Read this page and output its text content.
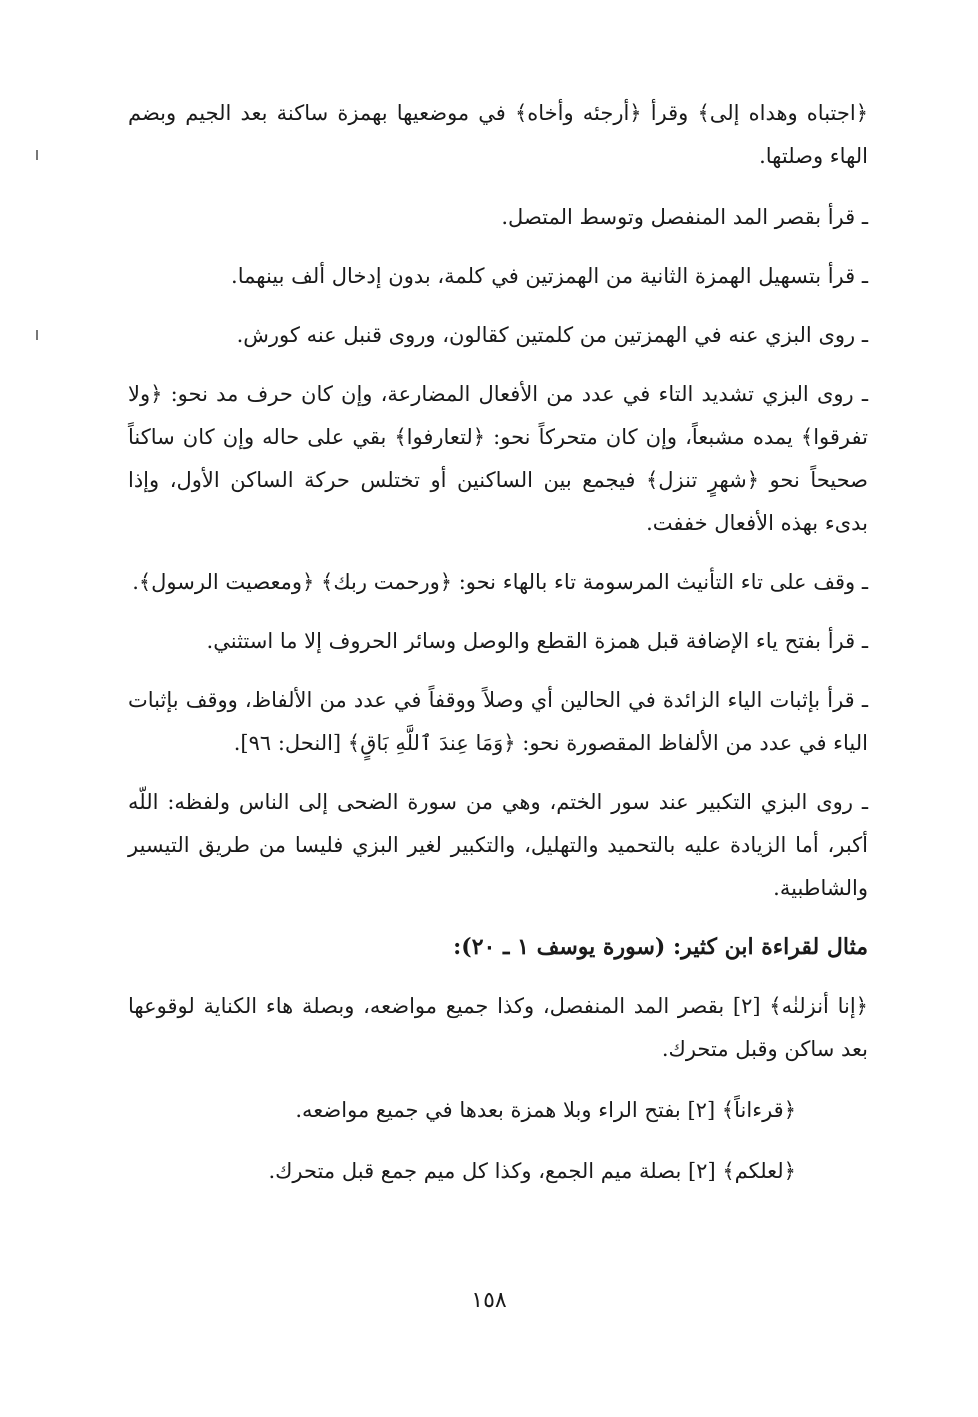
﴿اجتباه وهداه إلى﴾ وقرأ ﴿أرجئه وأخاه﴾ في موضعيها بهمزة ساكنة بعد الجيم وبضم الهاء وصلتها.

ـ قرأ بقصر المد المنفصل وتوسط المتصل.

ـ قرأ بتسهيل الهمزة الثانية من الهمزتين في كلمة، بدون إدخال ألف بينهما.

ـ روى البزي عنه في الهمزتين من كلمتين كقالون، وروى قنبل عنه كورش.

ـ روى البزي تشديد التاء في عدد من الأفعال المضارعة، وإن كان حرف مد نحو: ﴿ولا تفرقوا﴾ يمده مشبعاً، وإن كان متحركاً نحو: ﴿لتعارفوا﴾ بقي على حاله وإن كان ساكناً صحيحاً نحو ﴿شهرٍ تنزل﴾ فيجمع بين الساكنين أو تختلس حركة الساكن الأول، وإذا بدىء بهذه الأفعال خففت.

ـ وقف على تاء التأنيث المرسومة تاء بالهاء نحو: ﴿ورحمت ربك﴾ ﴿ومعصيت الرسول﴾.

ـ قرأ بفتح ياء الإضافة قبل همزة القطع والوصل وسائر الحروف إلا ما استثني.

ـ قرأ بإثبات الياء الزائدة في الحالين أي وصلاً ووقفاً في عدد من الألفاظ، ووقف بإثبات الياء في عدد من الألفاظ المقصورة نحو: ﴿وَمَا عِندَ ٱللَّهِ بَاقٍ﴾ [النحل: ٩٦].

ـ روى البزي التكبير عند سور الختم، وهي من سورة الضحى إلى الناس ولفظه: اللّه أكبر، أما الزيادة عليه بالتحميد والتهليل، والتكبير لغير البزي فليسا من طريق التيسير والشاطبية.

مثال لقراءة ابن كثير: (سورة يوسف ١ ـ ٢٠):

﴿إنا أنزلنٰه﴾ [٢] بقصر المد المنفصل، وكذا جميع مواضعه، وبصلة هاء الكناية لوقوعها بعد ساكن وقبل متحرك.

﴿قرءاناً﴾ [٢] بفتح الراء وبلا همزة بعدها في جميع مواضعه.

﴿لعلكم﴾ [٢] بصلة ميم الجمع، وكذا كل ميم جمع قبل متحرك.

١٥٨
